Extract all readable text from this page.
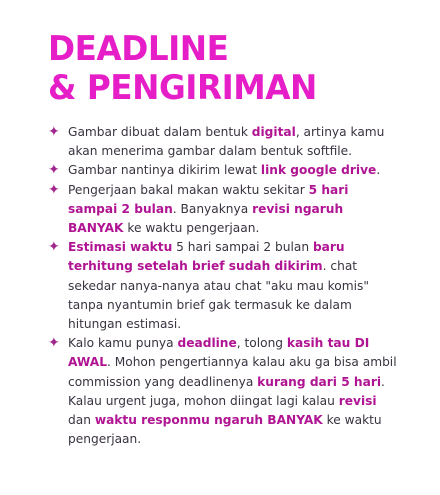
DEADLINE
& PENGIRIMAN
✦ Gambar dibuat dalam bentuk digital, artinya kamu akan menerima gambar dalam bentuk softfile.
✦ Gambar nantinya dikirim lewat link google drive.
✦ Pengerjaan bakal makan waktu sekitar 5 hari sampai 2 bulan. Banyaknya revisi ngaruh BANYAK ke waktu pengerjaan.
✦ Estimasi waktu 5 hari sampai 2 bulan baru terhitung setelah brief sudah dikirim. chat sekedar nanya-nanya atau chat "aku mau komis" tanpa nyantumin brief gak termasuk ke dalam hitungan estimasi.
✦ Kalo kamu punya deadline, tolong kasih tau DI AWAL. Mohon pengertiannya kalau aku ga bisa ambil commission yang deadlinenya kurang dari 5 hari. Kalau urgent juga, mohon diingat lagi kalau revisi dan waktu responmu ngaruh BANYAK ke waktu pengerjaan.
